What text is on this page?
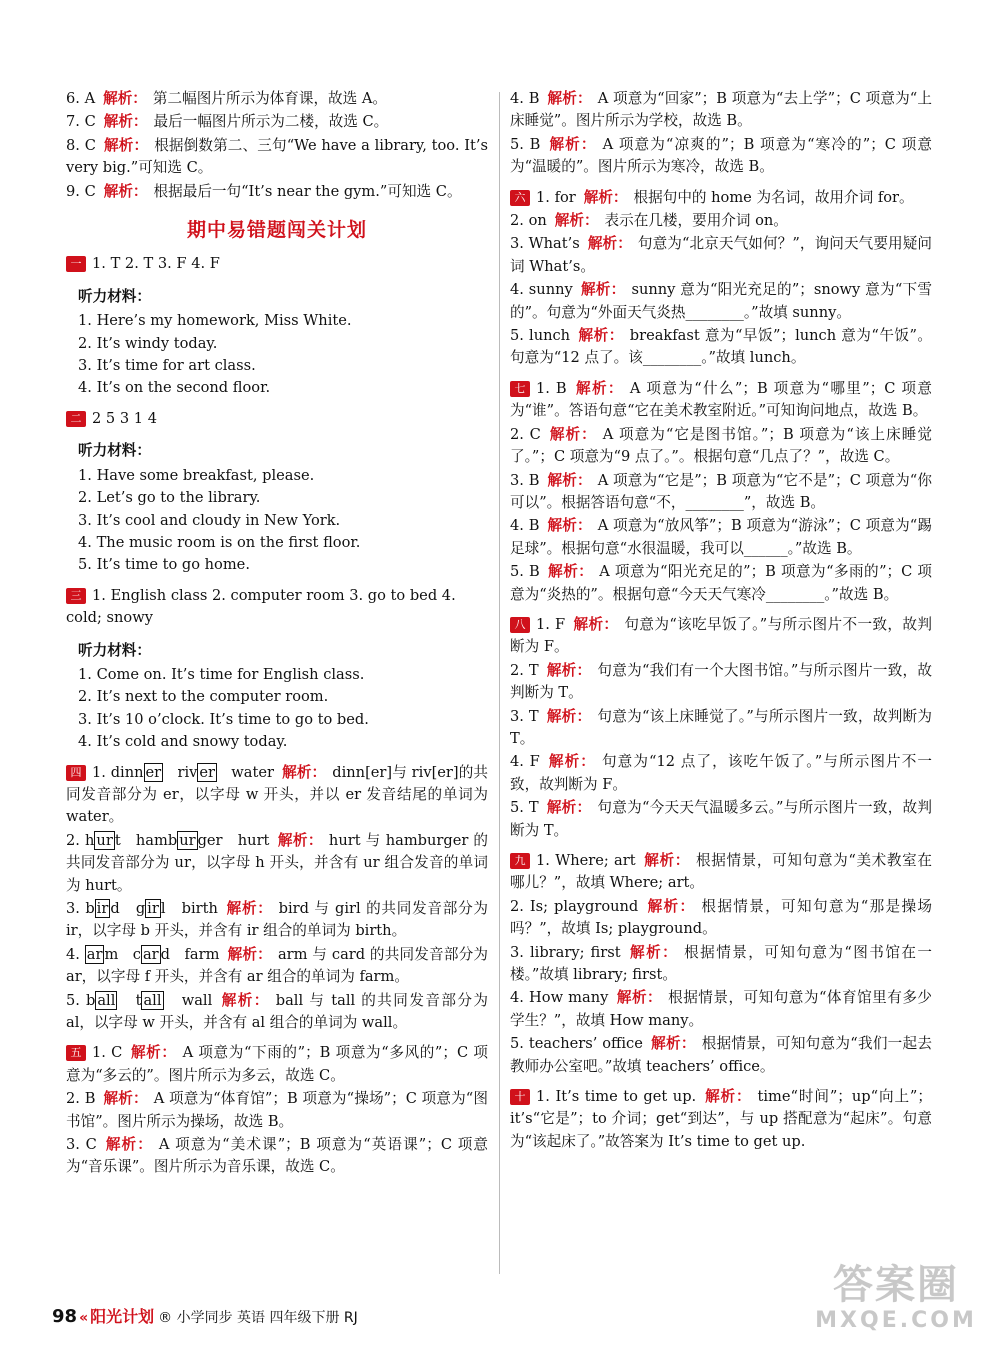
6. A 解析： 第二幅图片所示为体育课，故选 A。
7. C 解析： 最后一幅图片所示为二楼，故选 C。
8. C 解析： 根据倒数第二、三句“We have a library, too. It’s very big.”可知选 C。
9. C 解析： 根据最后一句“It’s near the gym.”可知选 C。
期中易错题闯关计划
一 1. T 2. T 3. F 4. F
听力材料：
1. Here’s my homework, Miss White.
2. It’s windy today.
3. It’s time for art class.
4. It’s on the second floor.
二 2 5 3 1 4
听力材料：
1. Have some breakfast, please.
2. Let’s go to the library.
3. It’s cool and cloudy in New York.
4. The music room is on the first floor.
5. It’s time to go home.
三 1. English class 2. computer room 3. go to bed 4. cold; snowy
听力材料：
1. Come on. It’s time for English class.
2. It’s next to the computer room.
3. It’s 10 o’clock. It’s time to go to bed.
4. It’s cold and snowy today.
四 1. dinn er riv er water 解析： dinn[er]与 riv[er]的共同发音部分为 er，以字母 w 开头，并以 er 发音结尾的单词为 water。
2. h ur t hamb ur ger hurt 解析： hurt 与 hamburger 的共同发音部分为 ur，以字母 h 开头，并含有 ur 组合发音的单词为 hurt。
3. b ir d g ir l birth 解析： bird 与 girl 的共同发音部分为 ir，以字母 b 开头，并含有 ir 组合的单词为 birth。
4. ar m c ar d farm 解析： arm 与 card 的共同发音部分为 ar，以字母 f 开头，并含有 ar 组合的单词为 farm。
5. b all t all wall 解析： ball 与 tall 的共同发音部分为 al，以字母 w 开头，并含有 al 组合的单词为 wall。
五 1. C 解析： A 项意为“下雨的”；B 项意为“多风的”；C 项意为“多云的”。图片所示为多云，故选 C。
2. B 解析： A 项意为“体育馆”；B 项意为“操场”；C 项意为“图书馆”。图片所示为操场，故选 B。
3. C 解析： A 项意为“美术课”；B 项意为“英语课”；C 项意为“音乐课”。图片所示为音乐课，故选 C。
4. B 解析： A 项意为“回家”；B 项意为“去上学”；C 项意为“上床睡觉”。图片所示为学校，故选 B。
5. B 解析： A 项意为“凉爽的”；B 项意为“寒冷的”；C 项意为“温暖的”。图片所示为寒冷，故选 B。
六 1. for 解析： 根据句中的 home 为名词，故用介词 for。
2. on 解析： 表示在几楼，要用介词 on。
3. What’s 解析： 句意为“北京天气如何？”，询问天气要用疑问词 What’s。
4. sunny 解析： sunny 意为“阳光充足的”；snowy 意为“下雪的”。句意为“外面天气炎热________。”故填 sunny。
5. lunch 解析： breakfast 意为“早饭”；lunch 意为“午饭”。句意为“12 点了。该________。”故填 lunch。
七 1. B 解析： A 项意为“什么”；B 项意为“哪里”；C 项意为“谁”。答语句意“它在美术教室附近。”可知询问地点，故选 B。
2. C 解析： A 项意为“它是图书馆。”；B 项意为“该上床睡觉了。”；C 项意为“9 点了。”。根据句意“几点了？”，故选 C。
3. B 解析： A 项意为“它是”；B 项意为“它不是”；C 项意为“你可以”。根据答语句意“不，________”，故选 B。
4. B 解析： A 项意为“放风筝”；B 项意为“游泳”；C 项意为“踢足球”。根据句意“水很温暖，我可以______。”故选 B。
5. B 解析： A 项意为“阳光充足的”；B 项意为“多雨的”；C 项意为“炎热的”。根据句意“今天天气寒冷________。”故选 B。
八 1. F 解析： 句意为“该吃早饭了。”与所示图片不一致，故判断为 F。
2. T 解析： 句意为“我们有一个大图书馆。”与所示图片一致，故判断为 T。
3. T 解析： 句意为“该上床睡觉了。”与所示图片一致，故判断为 T。
4. F 解析： 句意为“12 点了，该吃午饭了。”与所示图片不一致，故判断为 F。
5. T 解析： 句意为“今天天气温暖多云。”与所示图片一致，故判断为 T。
九 1. Where; art 解析： 根据情景，可知句意为“美术教室在哪儿？”，故填 Where; art。
2. Is; playground 解析： 根据情景，可知句意为“那是操场吗？”，故填 Is; playground。
3. library; first 解析： 根据情景，可知句意为“图书馆在一楼。”故填 library; first。
4. How many 解析： 根据情景，可知句意为“体育馆里有多少学生？”，故填 How many。
5. teachers’ office 解析： 根据情景，可知句意为“我们一起去教师办公室吧。”故填 teachers’ office。
十 1. It’s time to get up. 解析： time“时间”；up“向上”；it’s“它是”；to 介词；get“到达”，与 up 搭配意为“起床”。句意为“该起床了。”故答案为 It’s time to get up.
98 « 阳光计划 ® 小学同步 英语 四年级下册 RJ
答案圈
MXQE.COM
